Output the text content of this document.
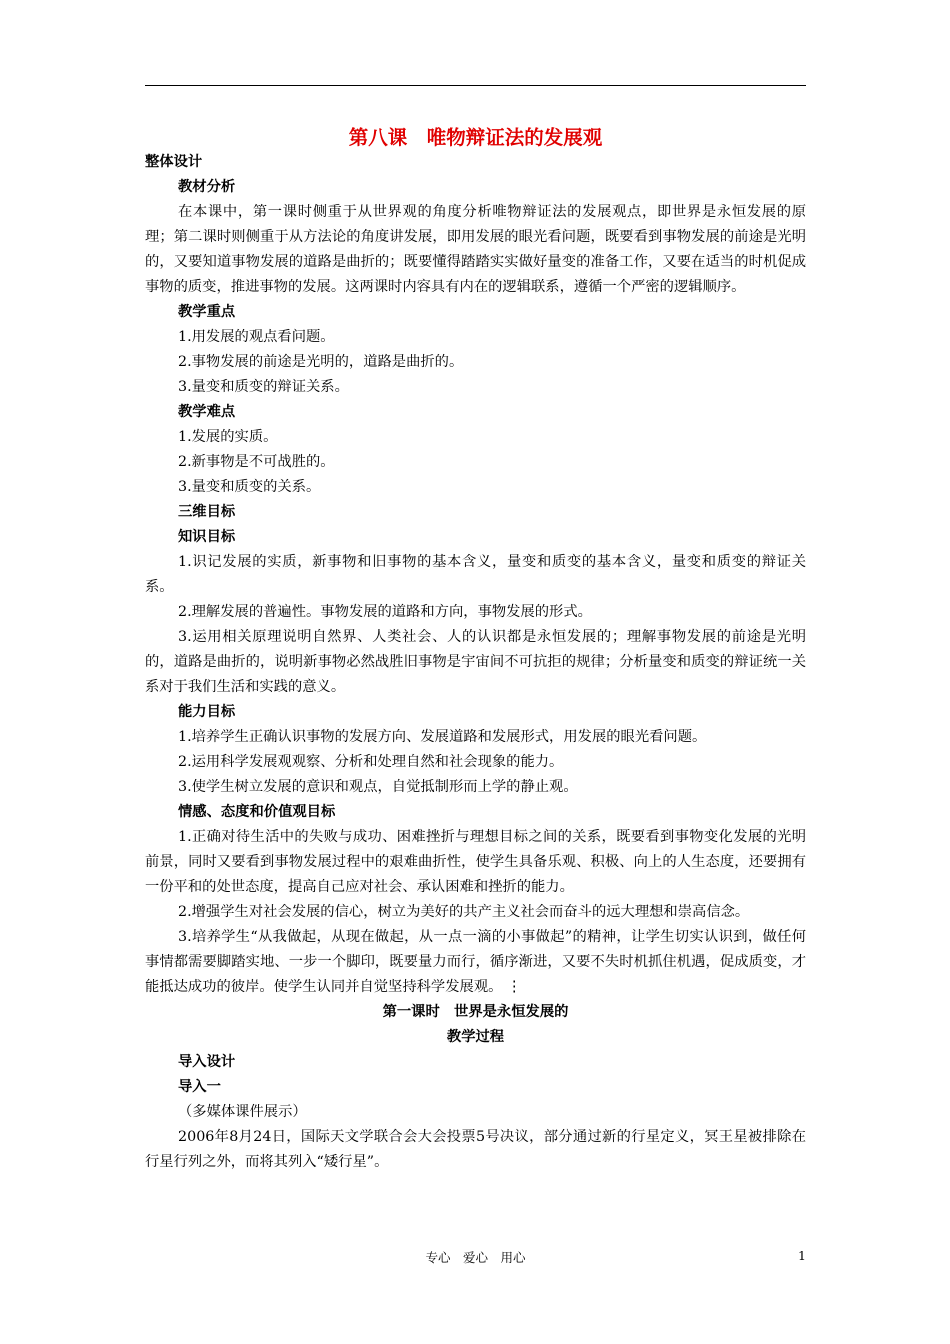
第八课　唯物辩证法的发展观
整体设计
教材分析
在本课中，第一课时侧重于从世界观的角度分析唯物辩证法的发展观点，即世界是永恒发展的原理；第二课时则侧重于从方法论的角度讲发展，即用发展的眼光看问题，既要看到事物发展的前途是光明的，又要知道事物发展的道路是曲折的；既要懂得踏踏实实做好量变的准备工作，又要在适当的时机促成事物的质变，推进事物的发展。这两课时内容具有内在的逻辑联系，遵循一个严密的逻辑顺序。
教学重点
1.用发展的观点看问题。
2.事物发展的前途是光明的，道路是曲折的。
3.量变和质变的辩证关系。
教学难点
1.发展的实质。
2.新事物是不可战胜的。
3.量变和质变的关系。
三维目标
知识目标
1.识记发展的实质，新事物和旧事物的基本含义，量变和质变的基本含义，量变和质变的辩证关系。
2.理解发展的普遍性。事物发展的道路和方向，事物发展的形式。
3.运用相关原理说明自然界、人类社会、人的认识都是永恒发展的；理解事物发展的前途是光明的，道路是曲折的，说明新事物必然战胜旧事物是宇宙间不可抗拒的规律；分析量变和质变的辩证统一关系对于我们生活和实践的意义。
能力目标
1.培养学生正确认识事物的发展方向、发展道路和发展形式，用发展的眼光看问题。
2.运用科学发展观观察、分析和处理自然和社会现象的能力。
3.使学生树立发展的意识和观点，自觉抵制形而上学的静止观。
情感、态度和价值观目标
1.正确对待生活中的失败与成功、困难挫折与理想目标之间的关系，既要看到事物变化发展的光明前景，同时又要看到事物发展过程中的艰难曲折性，使学生具备乐观、积极、向上的人生态度，还要拥有一份平和的处世态度，提高自己应对社会、承认困难和挫折的能力。
2.增强学生对社会发展的信心，树立为美好的共产主义社会而奋斗的远大理想和崇高信念。
3.培养学生“从我做起，从现在做起，从一点一滴的小事做起”的精神，让学生切实认识到，做任何事情都需要脚踏实地、一步一个脚印，既要量力而行，循序渐进，又要不失时机抓住机遇，促成质变，才能抵达成功的彼岸。使学生认同并自觉坚持科学发展观。 ⋮
第一课时　世界是永恒发展的
教学过程
导入设计
导入一
（多媒体课件展示）
2006年8月24日，国际天文学联合会大会投票5号决议，部分通过新的行星定义，冥王星被排除在行星行列之外，而将其列入“矮行星”。
专心　爱心　用心	1
